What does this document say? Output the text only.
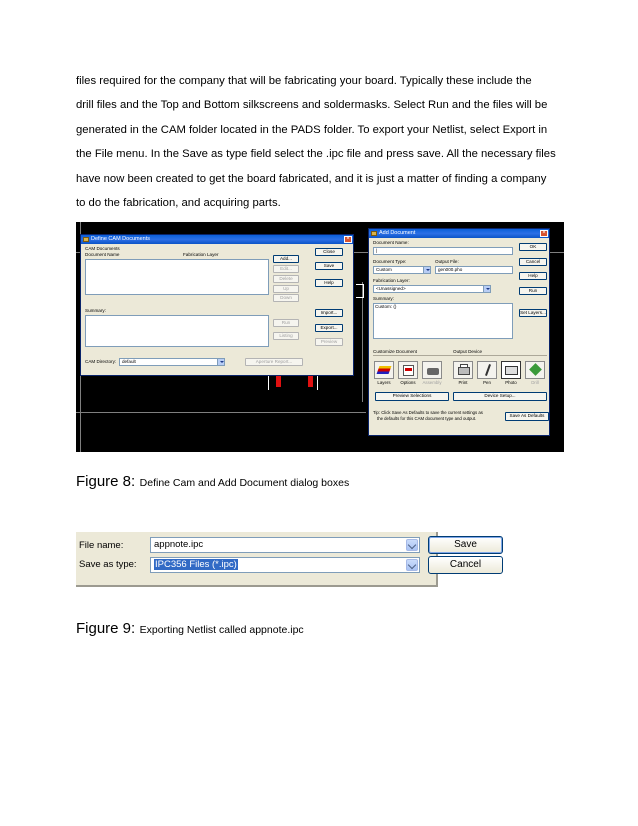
files required for the company that will be fabricating your board. Typically these include the
drill files and the Top and Bottom silkscreens and soldermasks. Select Run and the files will be
generated in the CAM folder located in the PADS folder. To export your Netlist, select Export in
the File menu. In the Save as type field select the .ipc file and press save. All the necessary files
have now been created to get the board fabricated, and it is just a matter of finding a company
to do the fabrication, and acquiring parts.
Define CAM Documents	×
CAM Documents
Document Name	Fabrication Layer
Summary:
Add...
Edit...
Delete
Up
Down
Run
Listing
Close
Save
Help
Import...
Export...
Preview
CAM Directory:	default	Aperture Report...
Add Document	×
Document Name:
|
Document Type:
Custom
Output File:
gen000.pho
Fabrication Layer:
<Unassigned>
Summary:
Custom: ()
OK
Cancel
Help
Run
Set Layers...
Customize Document	Output Device
Layers	Options	Assembly	Print	Pen	Photo	Drill
Preview Selections	Device Setup...
Tip: Click Save As Defaults to save the current settings as
the defaults for this CAM document type and output.
Save As Defaults
Figure 8: Define Cam and Add Document dialog boxes
File name:	appnote.ipc
Save as type:	IPC356 Files (*.ipc)
Save
Cancel
Figure 9: Exporting Netlist called appnote.ipc
